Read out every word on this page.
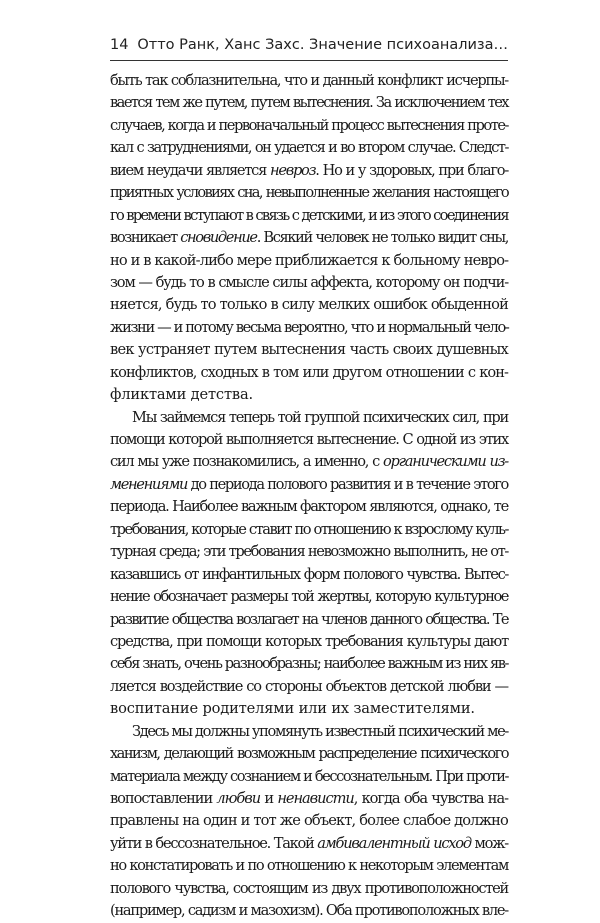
14 Отто Ранк, Ханс Захс. Значение психоанализа…
быть так соблазнительна, что и данный конфликт исчерпы-
вается тем же путем, путем вытеснения. За исключением тех
случаев, когда и первоначальный процесс вытеснения протe-
кал с затруднениями, он удается и во втором случае. Следст-
вием неудачи является невроз. Но и у здоровых, при благо-
приятных условиях сна, невыполненные желания настоящего
го времени вступают в связь с детскими, и из этого соединения
возникает сновидение. Всякий человек не только видит сны,
но и в какой-либо мере приближается к больному невро-
зом — будь то в смысле силы аффекта, которому он подчи-
няется, будь то только в силу мелких ошибок обыденной
жизни — и потому весьма вероятно, что и нормальный чело-
век устраняет путем вытеснения часть своих душевных
конфликтов, сходных в том или другом отношении с кон-
фликтами детства.
Мы займемся теперь той группой психических сил, при
помощи которой выполняется вытеснение. С одной из этих
сил мы уже познакомились, а именно, с органическими из-
менениями до периода полового развития и в течение этого
периода. Наиболее важным фактором являются, однако, те
требования, которые ставит по отношению к взрослому куль-
турная среда; эти требования невозможно выполнить, не от-
казавшись от инфантильных форм полового чувства. Вытес-
нение обозначает размеры той жертвы, которую культурное
развитие общества возлагает на членов данного общества. Те
средства, при помощи которых требования культуры дают
себя знать, очень разнообразны; наиболее важным из них яв-
ляется воздействие со стороны объектов детской любви —
воспитание родителями или их заместителями.
Здесь мы должны упомянуть известный психический ме-
ханизм, делающий возможным распределение психического
материала между сознанием и бессознательным. При проти-
вопоставлении любви и ненависти, когда оба чувства на-
правлены на один и тот же объект, более слабое должно
уйти в бессознательное. Такой амбивалентный исход мож-
но констатировать и по отношению к некоторым элементам
полового чувства, состоящим из двух противоположностей
(например, садизм и мазохизм). Оба противоположных вле-
